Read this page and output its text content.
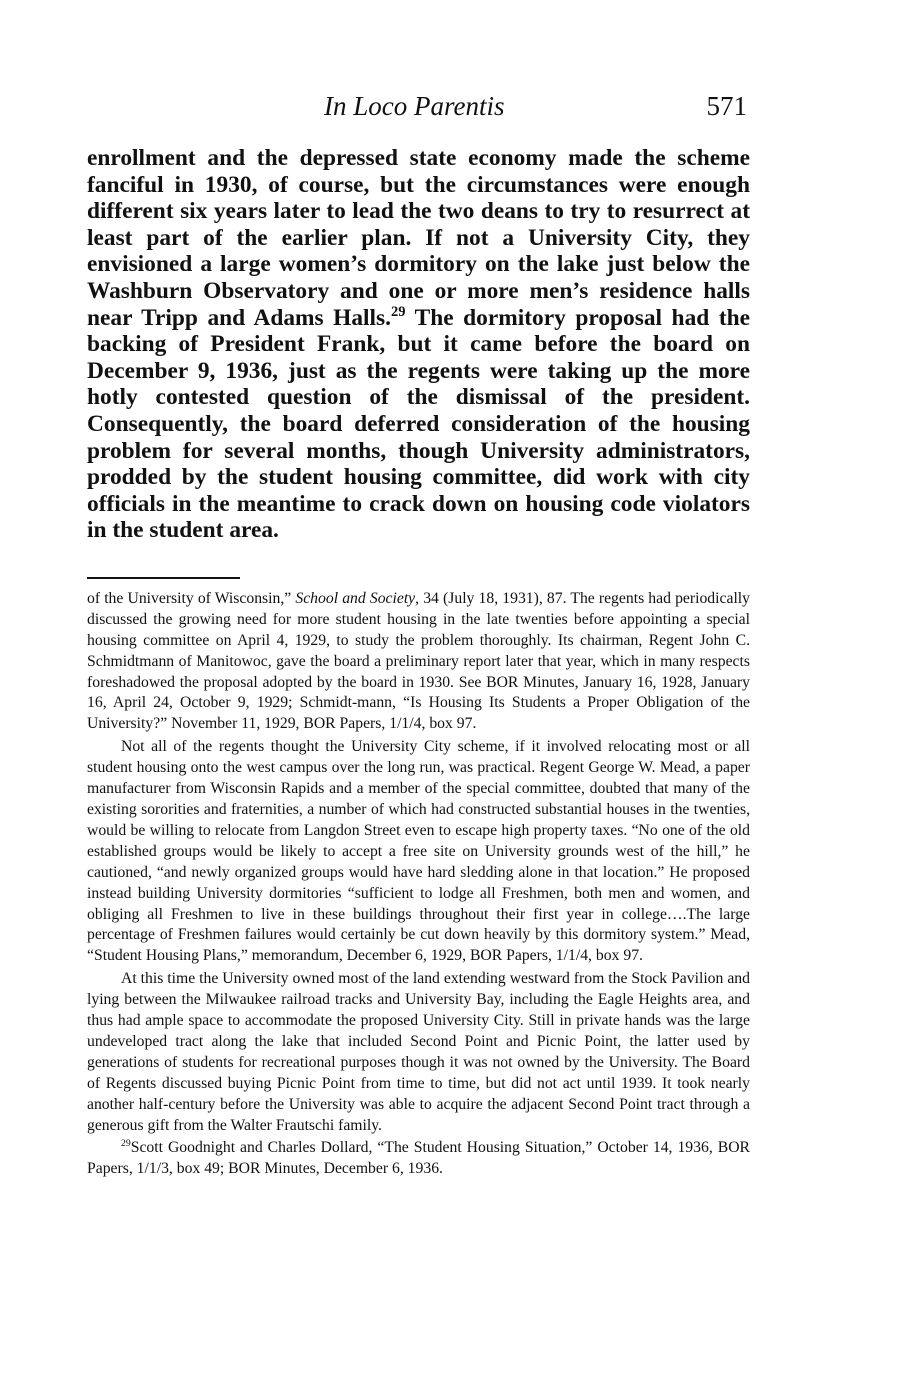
In Loco Parentis	571

enrollment and the depressed state economy made the scheme fanciful in 1930, of course, but the circumstances were enough different six years later to lead the two deans to try to resurrect at least part of the earlier plan. If not a University City, they envisioned a large women’s dormitory on the lake just below the Washburn Observatory and one or more men’s residence halls near Tripp and Adams Halls.$^{29}$ The dormitory proposal had the backing of President Frank, but it came before the board on December 9, 1936, just as the regents were taking up the more hotly contested question of the dismissal of the president. Consequently, the board deferred consideration of the housing problem for several months, though University administrators, prodded by the student housing committee, did work with city officials in the meantime to crack down on housing code violators in the student area.

of the University of Wisconsin,” School and Society, 34 (July 18, 1931), 87. The regents had periodically discussed the growing need for more student housing in the late twenties before appointing a special housing committee on April 4, 1929, to study the problem thoroughly. Its chairman, Regent John C. Schmidtmann of Manitowoc, gave the board a preliminary report later that year, which in many respects foreshadowed the proposal adopted by the board in 1930. See BOR Minutes, January 16, 1928, January 16, April 24, October 9, 1929; Schmidt-mann, “Is Housing Its Students a Proper Obligation of the University?” November 11, 1929, BOR Papers, 1/1/4, box 97.

Not all of the regents thought the University City scheme, if it involved relocating most or all student housing onto the west campus over the long run, was practical. Regent George W. Mead, a paper manufacturer from Wisconsin Rapids and a member of the special committee, doubted that many of the existing sororities and fraternities, a number of which had constructed substantial houses in the twenties, would be willing to relocate from Langdon Street even to escape high property taxes. “No one of the old established groups would be likely to accept a free site on University grounds west of the hill,” he cautioned, “and newly organized groups would have hard sledding alone in that location.” He proposed instead building University dormitories “sufficient to lodge all Freshmen, both men and women, and obliging all Freshmen to live in these buildings throughout their first year in college….The large percentage of Freshmen failures would certainly be cut down heavily by this dormitory system.” Mead, “Student Housing Plans,” memorandum, December 6, 1929, BOR Papers, 1/1/4, box 97.

At this time the University owned most of the land extending westward from the Stock Pavilion and lying between the Milwaukee railroad tracks and University Bay, including the Eagle Heights area, and thus had ample space to accommodate the proposed University City. Still in private hands was the large undeveloped tract along the lake that included Second Point and Picnic Point, the latter used by generations of students for recreational purposes though it was not owned by the University. The Board of Regents discussed buying Picnic Point from time to time, but did not act until 1939. It took nearly another half-century before the University was able to acquire the adjacent Second Point tract through a generous gift from the Walter Frautschi family.

$^{29}$Scott Goodnight and Charles Dollard, “The Student Housing Situation,” October 14, 1936, BOR Papers, 1/1/3, box 49; BOR Minutes, December 6, 1936.
